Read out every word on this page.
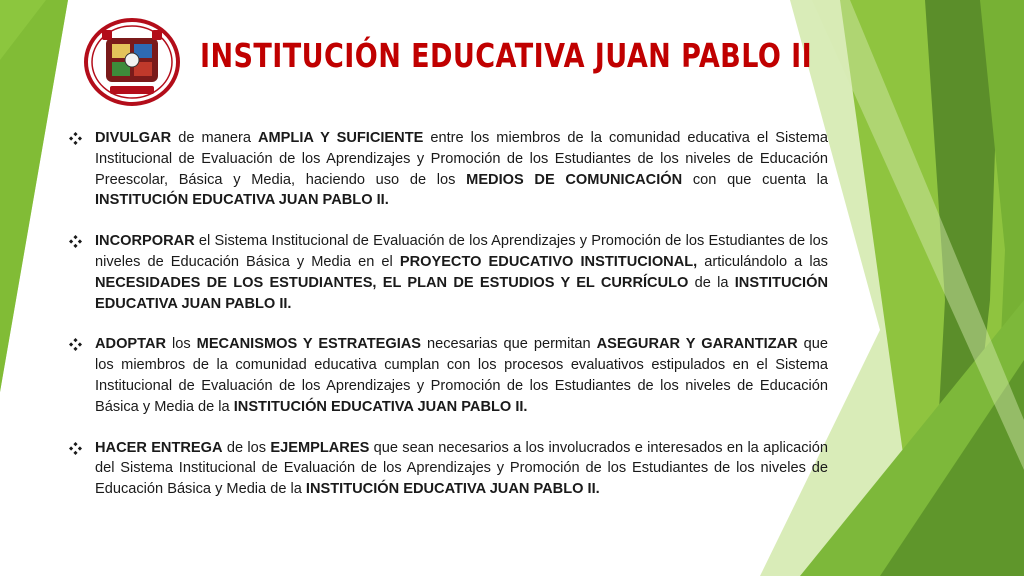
INSTITUCIÓN EDUCATIVA JUAN PABLO II
DIVULGAR de manera AMPLIA Y SUFICIENTE entre los miembros de la comunidad educativa el Sistema Institucional de Evaluación de los Aprendizajes y Promoción de los Estudiantes de los niveles de Educación Preescolar, Básica y Media, haciendo uso de los MEDIOS DE COMUNICACIÓN con que cuenta la INSTITUCIÓN EDUCATIVA JUAN PABLO II.
INCORPORAR el Sistema Institucional de Evaluación de los Aprendizajes y Promoción de los Estudiantes de los niveles de Educación Básica y Media en el PROYECTO EDUCATIVO INSTITUCIONAL, articulándolo a las NECESIDADES DE LOS ESTUDIANTES, EL PLAN DE ESTUDIOS Y EL CURRÍCULO de la INSTITUCIÓN EDUCATIVA JUAN PABLO II.
ADOPTAR los MECANISMOS Y ESTRATEGIAS necesarias que permitan ASEGURAR Y GARANTIZAR que los miembros de la comunidad educativa cumplan con los procesos evaluativos estipulados en el Sistema Institucional de Evaluación de los Aprendizajes y Promoción de los Estudiantes de los niveles de Educación Básica y Media de la INSTITUCIÓN EDUCATIVA JUAN PABLO II.
HACER ENTREGA de los EJEMPLARES que sean necesarios a los involucrados e interesados en la aplicación del Sistema Institucional de Evaluación de los Aprendizajes y Promoción de los Estudiantes de los niveles de Educación Básica y Media de la INSTITUCIÓN EDUCATIVA JUAN PABLO II.
